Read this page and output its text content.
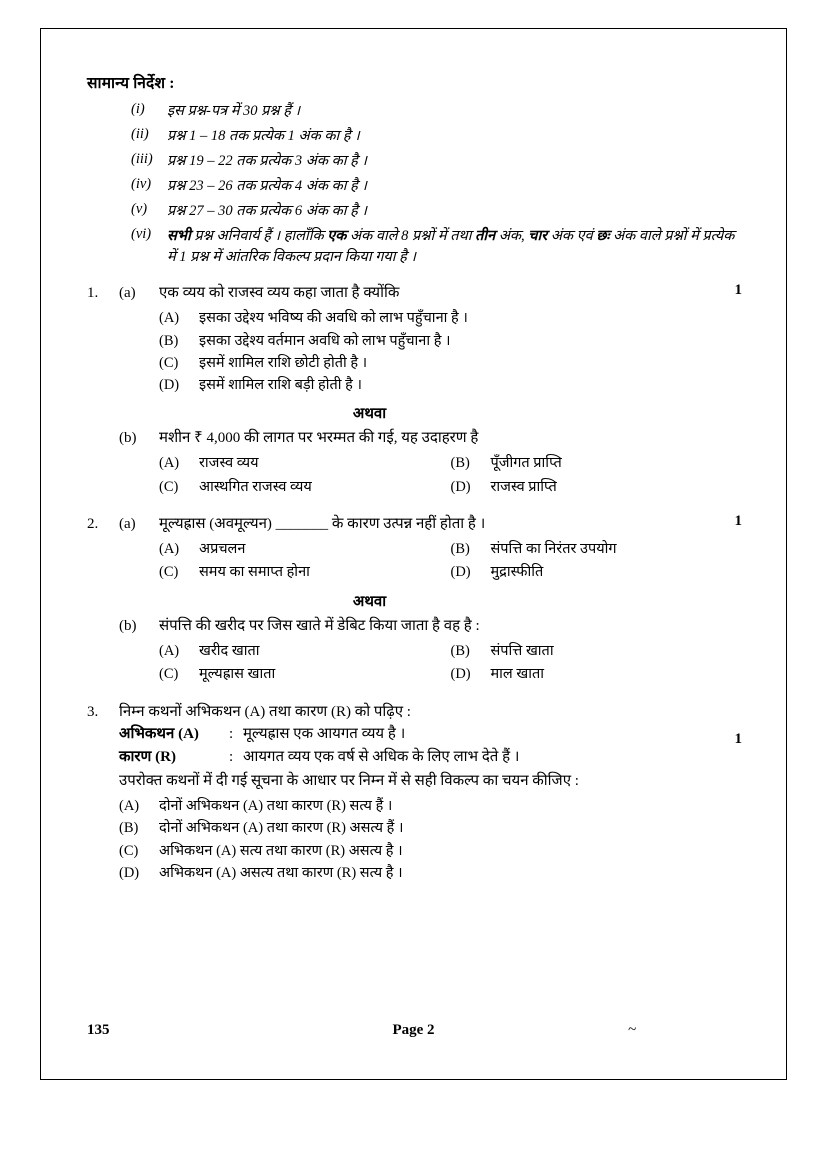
सामान्य निर्देश :
(i)	इस प्रश्न-पत्र में 30 प्रश्न हैं ।
(ii)	प्रश्न 1 – 18 तक प्रत्येक 1 अंक का है ।
(iii) प्रश्न 19 – 22 तक प्रत्येक 3 अंक का है ।
(iv)	प्रश्न 23 – 26 तक प्रत्येक 4 अंक का है ।
(v)	प्रश्न 27 – 30 तक प्रत्येक 6 अंक का है ।
(vi)	सभी प्रश्न अनिवार्य हैं । हालाँकि एक अंक वाले 8 प्रश्नों में तथा तीन अंक, चार अंक एवं छः अंक वाले प्रश्नों में प्रत्येक में 1 प्रश्न में आंतरिक विकल्प प्रदान किया गया है ।
1
1.	(a)	एक व्यय को राजस्व व्यय कहा जाता है क्योंकि
(A)	इसका उद्देश्य भविष्य की अवधि को लाभ पहुँचाना है ।
(B)	इसका उद्देश्य वर्तमान अवधि को लाभ पहुँचाना है ।
(C)	इसमें शामिल राशि छोटी होती है ।
(D)	इसमें शामिल राशि बड़ी होती है ।
अथवा
(b)	मशीन ₹ 4,000 की लागत पर भरम्मत की गई, यह उदाहरण है
(A)	राजस्व व्यय	(B)	पूँजीगत प्राप्ति
(C)	आस्थगित राजस्व व्यय	(D)	राजस्व प्राप्ति
1
2.	(a)	मूल्यह्रास (अवमूल्यन) _______ के कारण उत्पन्न नहीं होता है ।
(A)	अप्रचलन	(B)	संपत्ति का निरंतर उपयोग
(C)	समय का समाप्त होना	(D)	मुद्रास्फीति
अथवा
(b)	संपत्ति की खरीद पर जिस खाते में डेबिट किया जाता है वह है :
(A)	खरीद खाता	(B)	संपत्ति खाता
(C)	मूल्यह्रास खाता	(D)	माल खाता
3.	निम्न कथनों अभिकथन (A) तथा कारण (R) को पढ़िए :
1
अभिकथन (A)	: मूल्यह्रास एक आयगत व्यय है ।
कारण (R)	: आयगत व्यय एक वर्ष से अधिक के लिए लाभ देते हैं ।
उपरोक्त कथनों में दी गई सूचना के आधार पर निम्न में से सही विकल्प का चयन कीजिए :
(A)	दोनों अभिकथन (A) तथा कारण (R) सत्य हैं ।
(B)	दोनों अभिकथन (A) तथा कारण (R) असत्य हैं ।
(C)	अभिकथन (A) सत्य तथा कारण (R) असत्य है ।
(D)	अभिकथन (A) असत्य तथा कारण (R) सत्य है ।
135	Page 2	~
